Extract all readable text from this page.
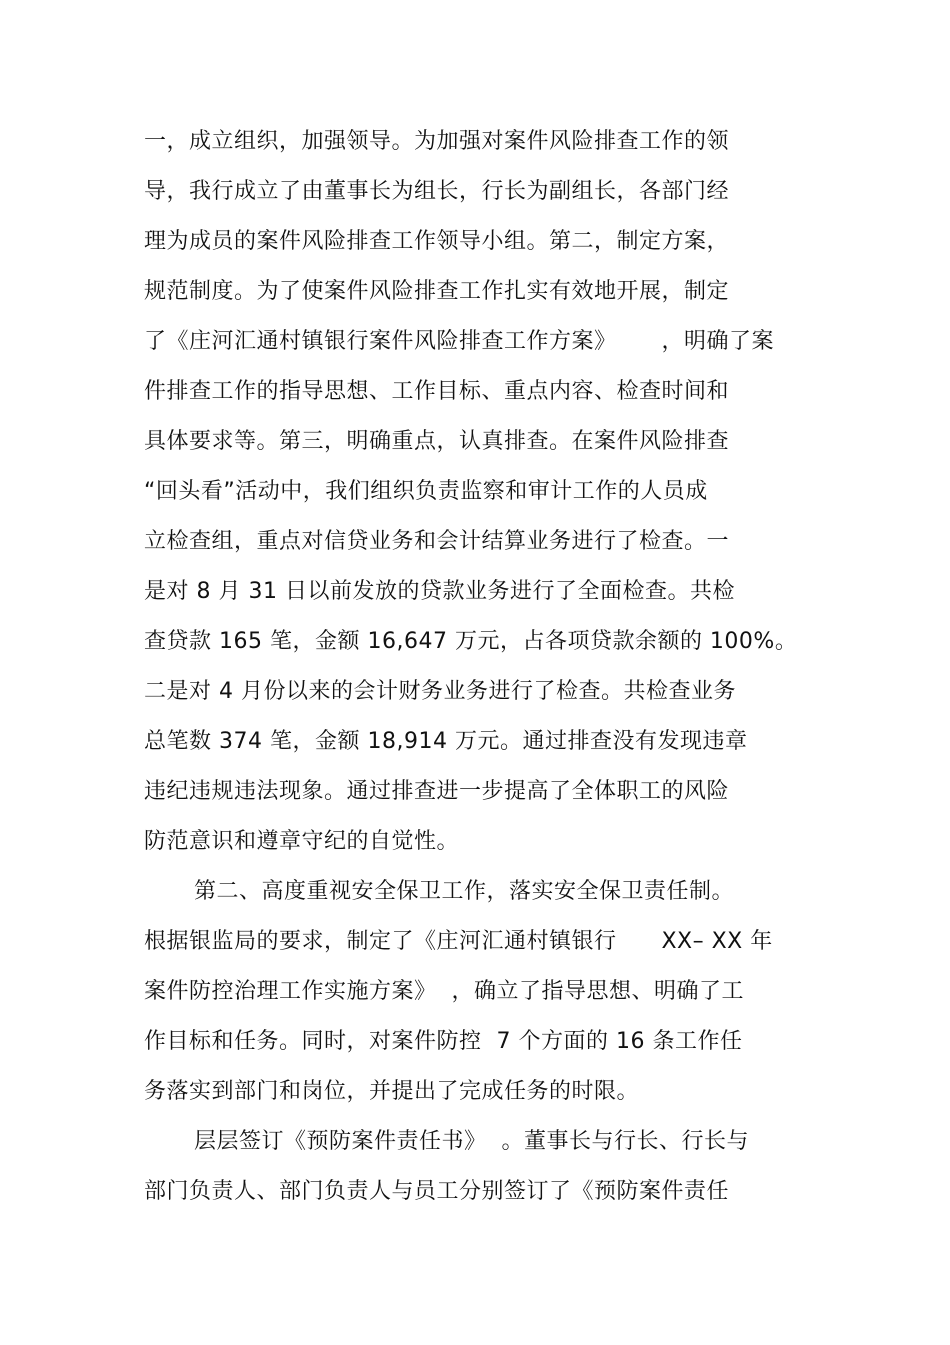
一，成立组织，加强领导。为加强对案件风险排查工作的领
导，我行成立了由董事长为组长，行长为副组长，各部门经
理为成员的案件风险排查工作领导小组。第二，制定方案，
规范制度。为了使案件风险排查工作扎实有效地开展，制定
了《庄河汇通村镇银行案件风险排查工作方案》      ，明确了案
件排查工作的指导思想、工作目标、重点内容、检查时间和
具体要求等。第三，明确重点，认真排查。在案件风险排查
“回头看”活动中，我们组织负责监察和审计工作的人员成
立检查组，重点对信贷业务和会计结算业务进行了检查。一
是对 8 月 31 日以前发放的贷款业务进行了全面检查。共检
查贷款 165 笔，金额 16,647 万元，占各项贷款余额的 100%。
二是对 4 月份以来的会计财务业务进行了检查。共检查业务
总笔数 374 笔，金额 18,914 万元。通过排查没有发现违章
违纪违规违法现象。通过排查进一步提高了全体职工的风险
防范意识和遵章守纪的自觉性。
第二、高度重视安全保卫工作，落实安全保卫责任制。
根据银监局的要求，制定了《庄河汇通村镇银行      XX– XX 年
案件防控治理工作实施方案》  ，确立了指导思想、明确了工
作目标和任务。同时，对案件防控  7 个方面的 16 条工作任
务落实到部门和岗位，并提出了完成任务的时限。
层层签订《预防案件责任书》  。董事长与行长、行长与
部门负责人、部门负责人与员工分别签订了《预防案件责任
